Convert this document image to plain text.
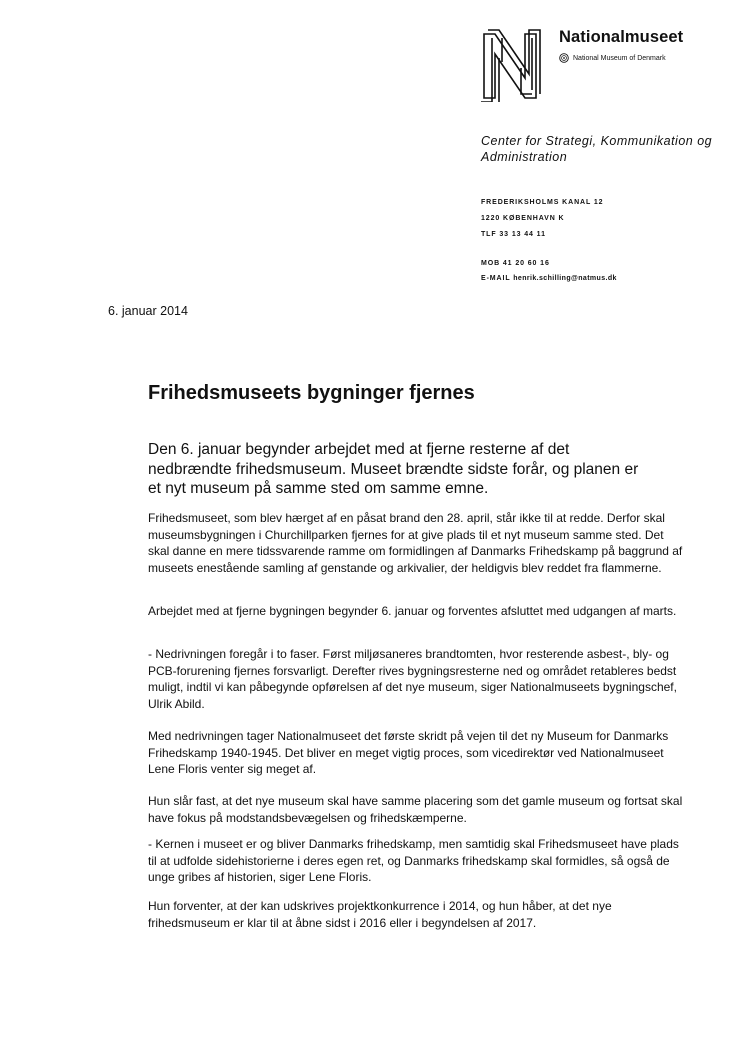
Nationalmuseet
National Museum of Denmark
Center for Strategi, Kommunikation og Administration
FREDERIKSHOLMS KANAL 12
1220 KØBENHAVN K
TLF 33 13 44 11
MOB 41 20 60 16
E-MAIL henrik.schilling@natmus.dk
6. januar 2014
Frihedsmuseets bygninger fjernes

Den 6. januar begynder arbejdet med at fjerne resterne af det nedbrændte frihedsmuseum. Museet brændte sidste forår, og planen er et nyt museum på samme sted om samme emne.

Frihedsmuseet, som blev hærget af en påsat brand den 28. april, står ikke til at redde. Derfor skal museumsbygningen i Churchillparken fjernes for at give plads til et nyt museum samme sted. Det skal danne en mere tidssvarende ramme om formidlingen af Danmarks Frihedskamp på baggrund af museets enestående samling af genstande og arkivalier, der heldigvis blev reddet fra flammerne.

Arbejdet med at fjerne bygningen begynder 6. januar og forventes afsluttet med udgangen af marts.

- Nedrivningen foregår i to faser. Først miljøsaneres brandtomten, hvor resterende asbest-, bly- og PCB-forurening fjernes forsvarligt. Derefter rives bygningsresterne ned og området retableres bedst muligt, indtil vi kan påbegynde opførelsen af det nye museum, siger Nationalmuseets bygningschef, Ulrik Abild.

Med nedrivningen tager Nationalmuseet det første skridt på vejen til det ny Museum for Danmarks Frihedskamp 1940-1945. Det bliver en meget vigtig proces, som vicedirektør ved Nationalmuseet Lene Floris venter sig meget af.

Hun slår fast, at det nye museum skal have samme placering som det gamle museum og fortsat skal have fokus på modstandsbevægelsen og frihedskæmperne.

- Kernen i museet er og bliver Danmarks frihedskamp, men samtidig skal Frihedsmuseet have plads til at udfolde sidehistorierne i deres egen ret, og Danmarks frihedskamp skal formidles, så også de unge gribes af historien, siger Lene Floris.

Hun forventer, at der kan udskrives projektkonkurrence i 2014, og hun håber, at det nye frihedsmuseum er klar til at åbne sidst i 2016 eller i begyndelsen af 2017.
